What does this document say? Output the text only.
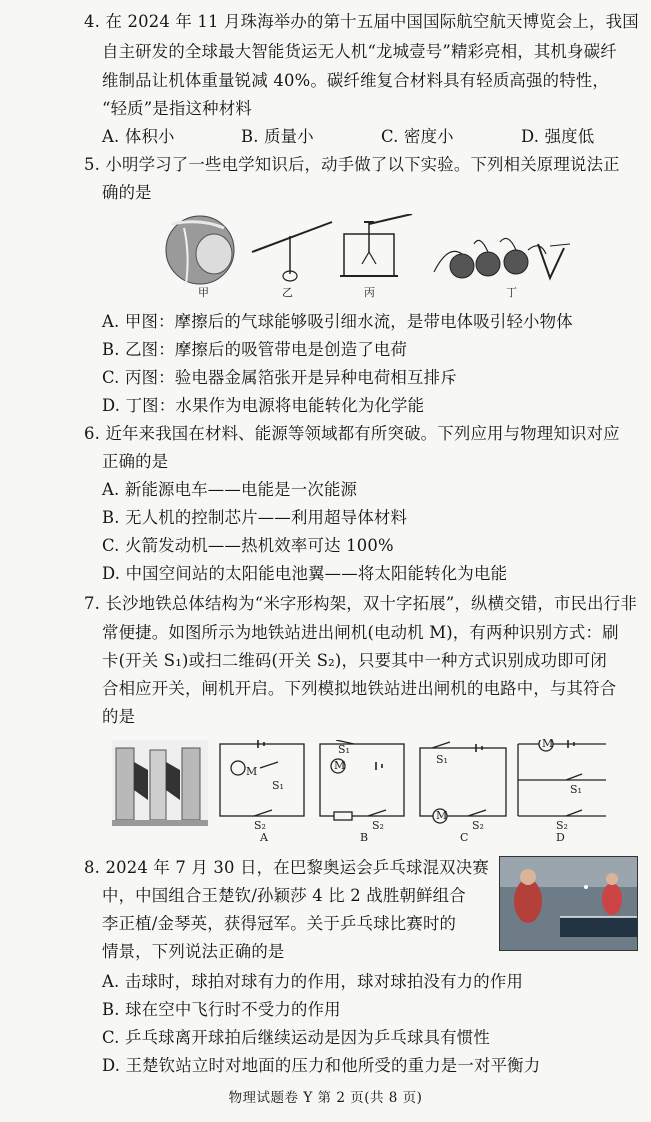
4. 在 2024 年 11 月珠海举办的第十五届中国国际航空航天博览会上，我国
自主研发的全球最大智能货运无人机“龙城壹号”精彩亮相，其机身碳纤
维制品让机体重量锐减 40%。碳纤维复合材料具有轻质高强的特性，
“轻质”是指这种材料
A. 体积小	B. 质量小	C. 密度小	D. 强度低
5. 小明学习了一些电学知识后，动手做了以下实验。下列相关原理说法正
确的是
甲	乙	丙	丁
A. 甲图：摩擦后的气球能够吸引细水流，是带电体吸引轻小物体
B. 乙图：摩擦后的吸管带电是创造了电荷
C. 丙图：验电器金属箔张开是异种电荷相互排斥
D. 丁图：水果作为电源将电能转化为化学能
6. 近年来我国在材料、能源等领域都有所突破。下列应用与物理知识对应
正确的是
A. 新能源电车——电能是一次能源
B. 无人机的控制芯片——利用超导体材料
C. 火箭发动机——热机效率可达 100%
D. 中国空间站的太阳能电池翼——将太阳能转化为电能
7. 长沙地铁总体结构为“米字形构架，双十字拓展”，纵横交错，市民出行非
常便捷。如图所示为地铁站进出闸机(电动机 M)，有两种识别方式：刷
卡(开关 S₁)或扫二维码(开关 S₂)，只要其中一种方式识别成功即可闭
合相应开关，闸机开启。下列模拟地铁站进出闸机的电路中，与其符合
的是
M
S₁
S₂
A
S₁
M
S₂
B
S₁
M
S₂
C
M
S₁
S₂
D
8. 2024 年 7 月 30 日，在巴黎奥运会乒乓球混双决赛
中，中国组合王楚钦/孙颖莎 4 比 2 战胜朝鲜组合
李正植/金琴英，获得冠军。关于乒乓球比赛时的
情景，下列说法正确的是
A. 击球时，球拍对球有力的作用，球对球拍没有力的作用
B. 球在空中飞行时不受力的作用
C. 乒乓球离开球拍后继续运动是因为乒乓球具有惯性
D. 王楚钦站立时对地面的压力和他所受的重力是一对平衡力
物理试题卷 Y 第 2 页(共 8 页)
